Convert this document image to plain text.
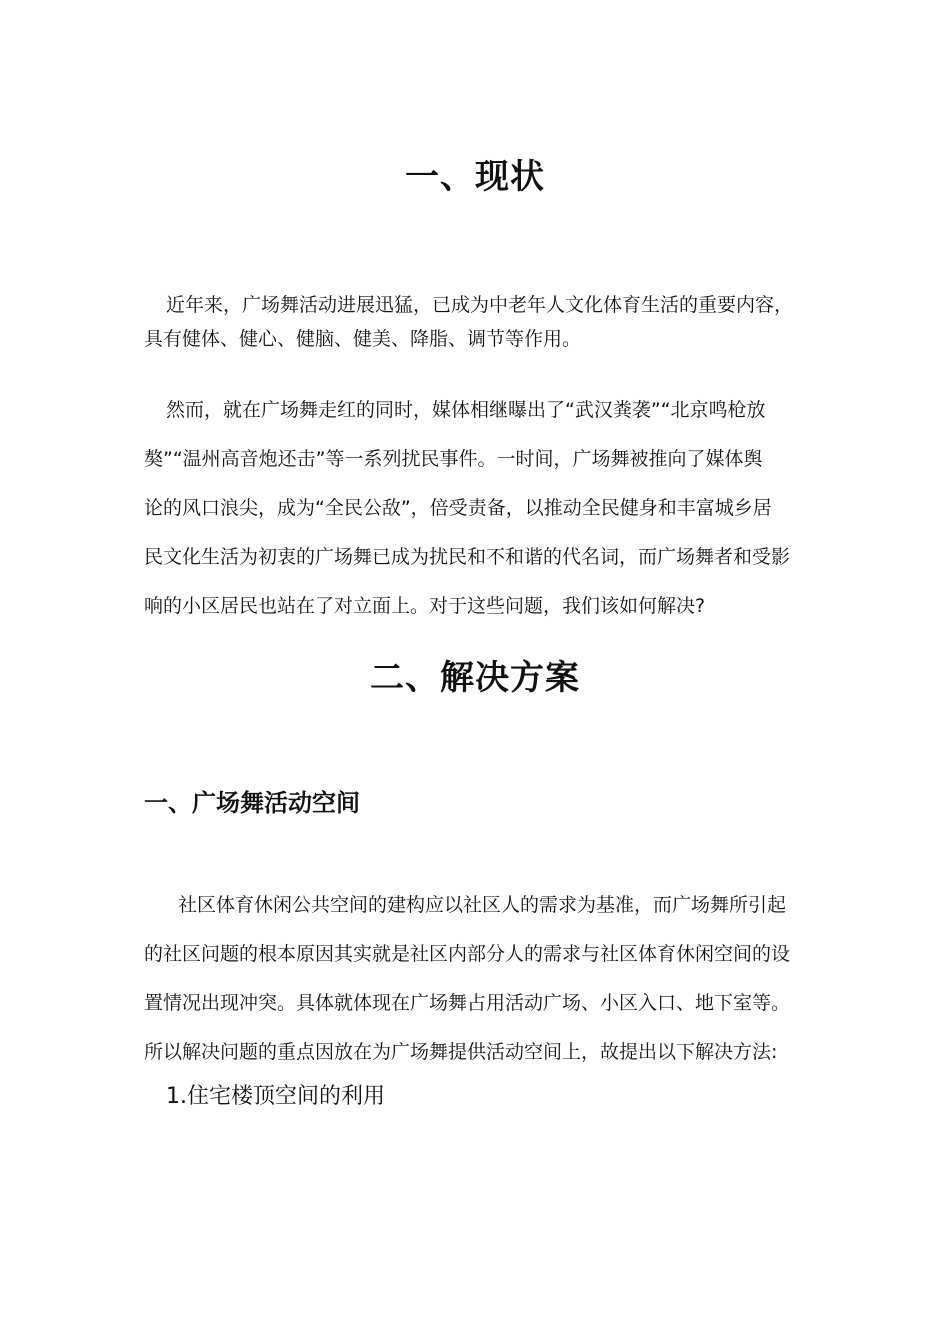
一、现状
近年来，广场舞活动进展迅猛，已成为中老年人文化体育生活的重要内容，
具有健体、健心、健脑、健美、降脂、调节等作用。
然而，就在广场舞走红的同时，媒体相继曝出了“武汉粪袭”“北京鸣枪放
獒”“温州高音炮还击”等一系列扰民事件。一时间，广场舞被推向了媒体舆
论的风口浪尖，成为“全民公敌”，倍受责备，以推动全民健身和丰富城乡居
民文化生活为初衷的广场舞已成为扰民和不和谐的代名词，而广场舞者和受影
响的小区居民也站在了对立面上。对于这些问题，我们该如何解决?
二、解决方案
一、广场舞活动空间
社区体育休闲公共空间的建构应以社区人的需求为基准，而广场舞所引起
的社区问题的根本原因其实就是社区内部分人的需求与社区体育休闲空间的设
置情况出现冲突。具体就体现在广场舞占用活动广场、小区入口、地下室等。
所以解决问题的重点因放在为广场舞提供活动空间上，故提出以下解决方法:
1.住宅楼顶空间的利用
